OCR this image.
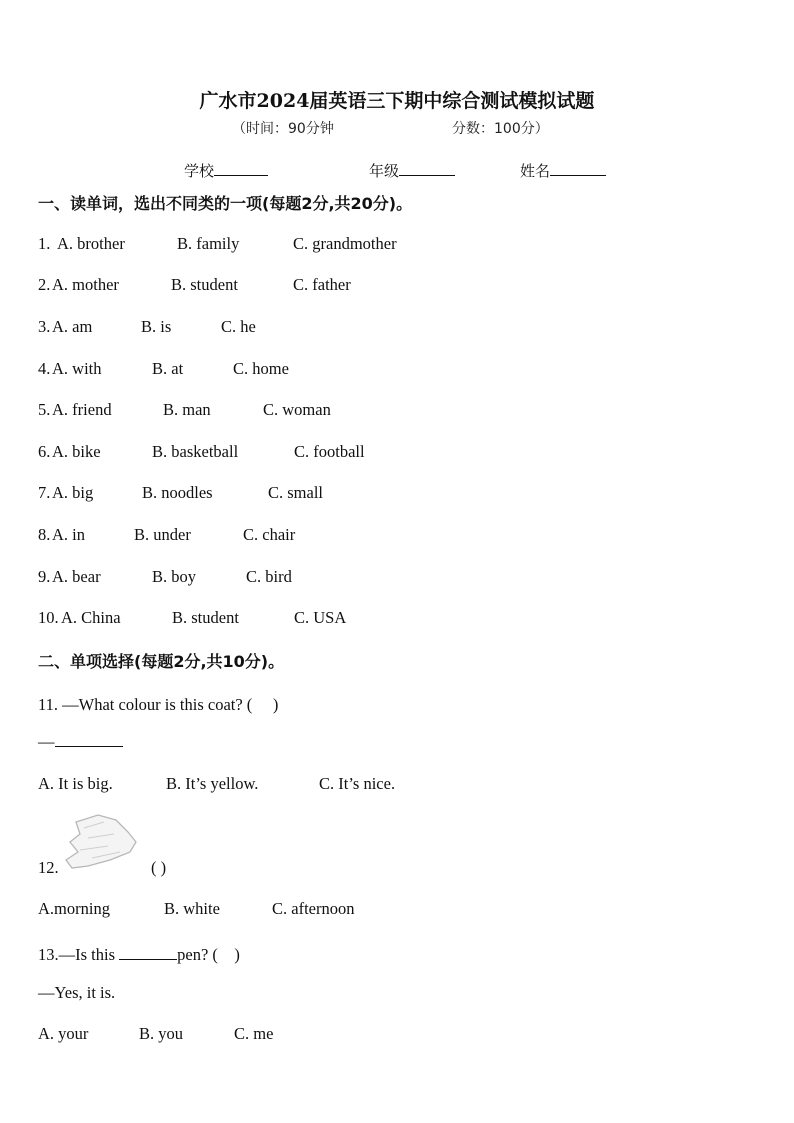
广水市2024届英语三下期中综合测试模拟试题
（时间：90分钟	分数：100分）
学校	年级	姓名
一、读单词，选出不同类的一项(每题2分,共20分)。
1. A. brother	B. family	C. grandmother
2. A. mother	B. student	C. father
3. A. am	B. is	C. he
4. A. with	B. at	C. home
5. A. friend	B. man	C. woman
6. A. bike	B. basketball	C. football
7. A. big	B. noodles	C. small
8. A. in	B. under	C. chair
9. A. bear	B. boy	C. bird
10. A. China	B. student	C. USA
二、单项选择(每题2分,共10分)。
11. —What colour is this coat? (　 )
—
A. It is big.	B. It’s yellow.	C. It’s nice.
12.	( )
A.morning	B. white	C. afternoon
13.—Is this	pen? (　)
—Yes, it is.
A. your	B. you	C. me
